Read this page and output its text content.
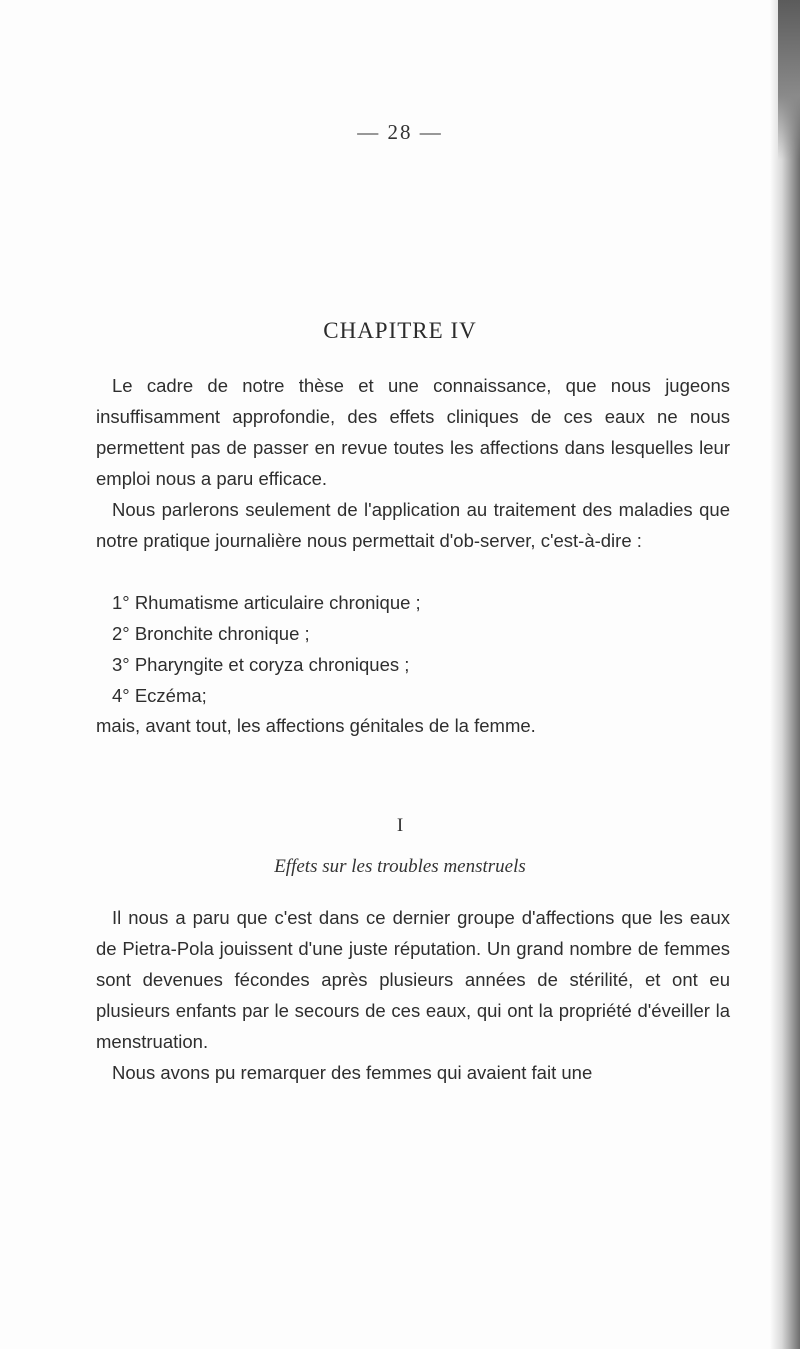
— 28 —
CHAPITRE IV

Le cadre de notre thèse et une connaissance, que nous jugeons insuffisamment approfondie, des effets cliniques de ces eaux ne nous permettent pas de passer en revue toutes les affections dans lesquelles leur emploi nous a paru efficace.

Nous parlerons seulement de l'application au traitement des maladies que notre pratique journalière nous permettait d'ob-server, c'est-à-dire :

1° Rhumatisme articulaire chronique ;
2° Bronchite chronique ;
3° Pharyngite et coryza chroniques ;
4° Eczéma;
mais, avant tout, les affections génitales de la femme.
I
Effets sur les troubles menstruels

Il nous a paru que c'est dans ce dernier groupe d'affections que les eaux de Pietra-Pola jouissent d'une juste réputation. Un grand nombre de femmes sont devenues fécondes après plusieurs années de stérilité, et ont eu plusieurs enfants par le secours de ces eaux, qui ont la propriété d'éveiller la menstruation.

Nous avons pu remarquer des femmes qui avaient fait une
